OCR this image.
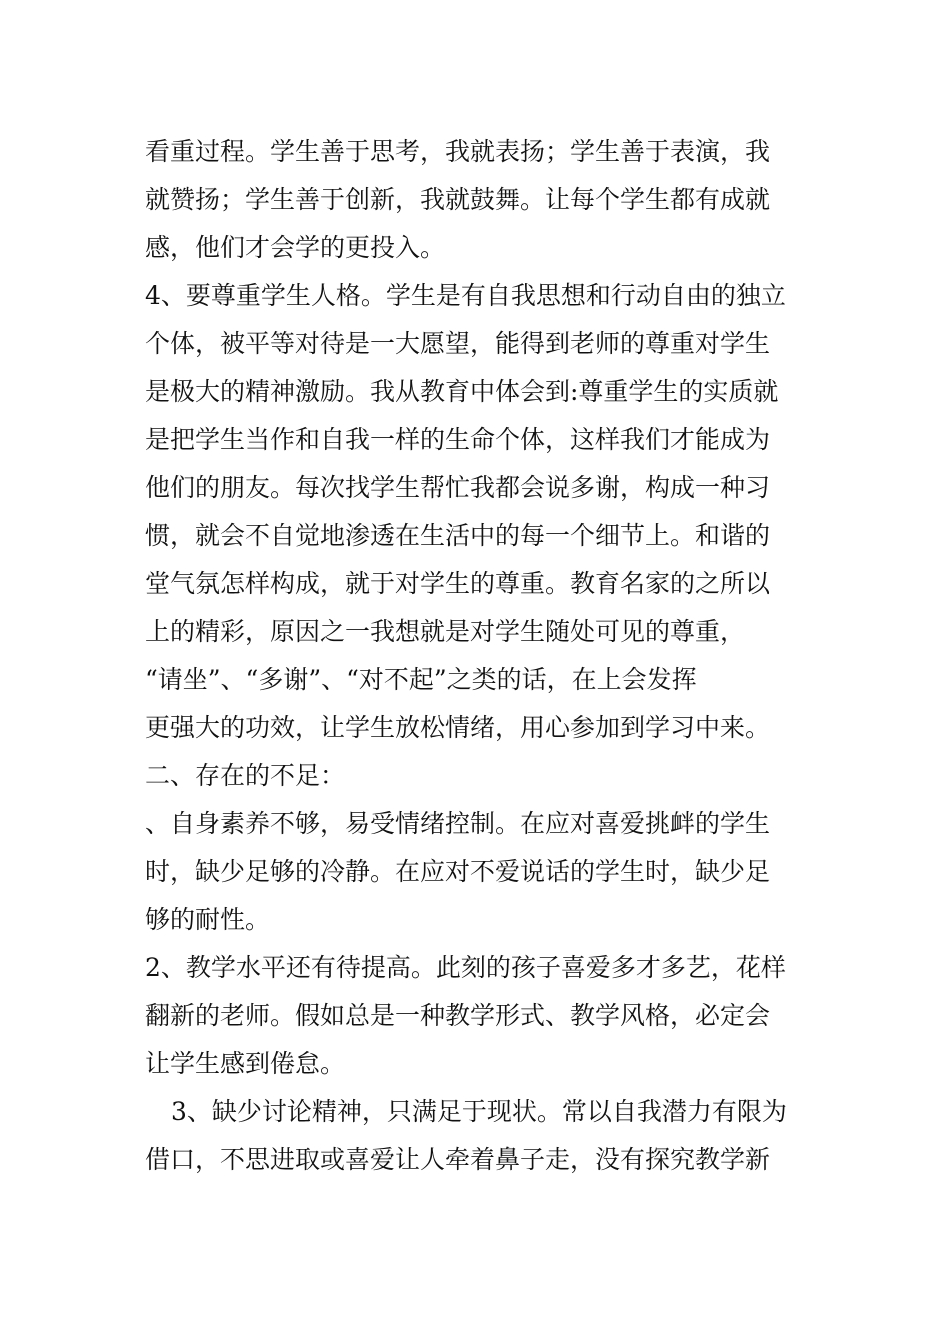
看重过程。学生善于思考，我就表扬；学生善于表演，我
就赞扬；学生善于创新，我就鼓舞。让每个学生都有成就
感，他们才会学的更投入。
4、要尊重学生人格。学生是有自我思想和行动自由的独立
个体，被平等对待是一大愿望，能得到老师的尊重对学生
是极大的精神激励。我从教育中体会到:尊重学生的实质就
是把学生当作和自我一样的生命个体，这样我们才能成为
他们的朋友。每次找学生帮忙我都会说多谢，构成一种习
惯，就会不自觉地渗透在生活中的每一个细节上。和谐的
堂气氛怎样构成，就于对学生的尊重。教育名家的之所以
上的精彩，原因之一我想就是对学生随处可见的尊重，
“请坐”、“多谢”、“对不起”之类的话，在上会发挥
更强大的功效，让学生放松情绪，用心参加到学习中来。
二、存在的不足：
、自身素养不够，易受情绪控制。在应对喜爱挑衅的学生
时，缺少足够的冷静。在应对不爱说话的学生时，缺少足
够的耐性。
2、教学水平还有待提高。此刻的孩子喜爱多才多艺，花样
翻新的老师。假如总是一种教学形式、教学风格，必定会
让学生感到倦怠。
3、缺少讨论精神，只满足于现状。常以自我潜力有限为
借口，不思进取或喜爱让人牵着鼻子走，没有探究教学新
